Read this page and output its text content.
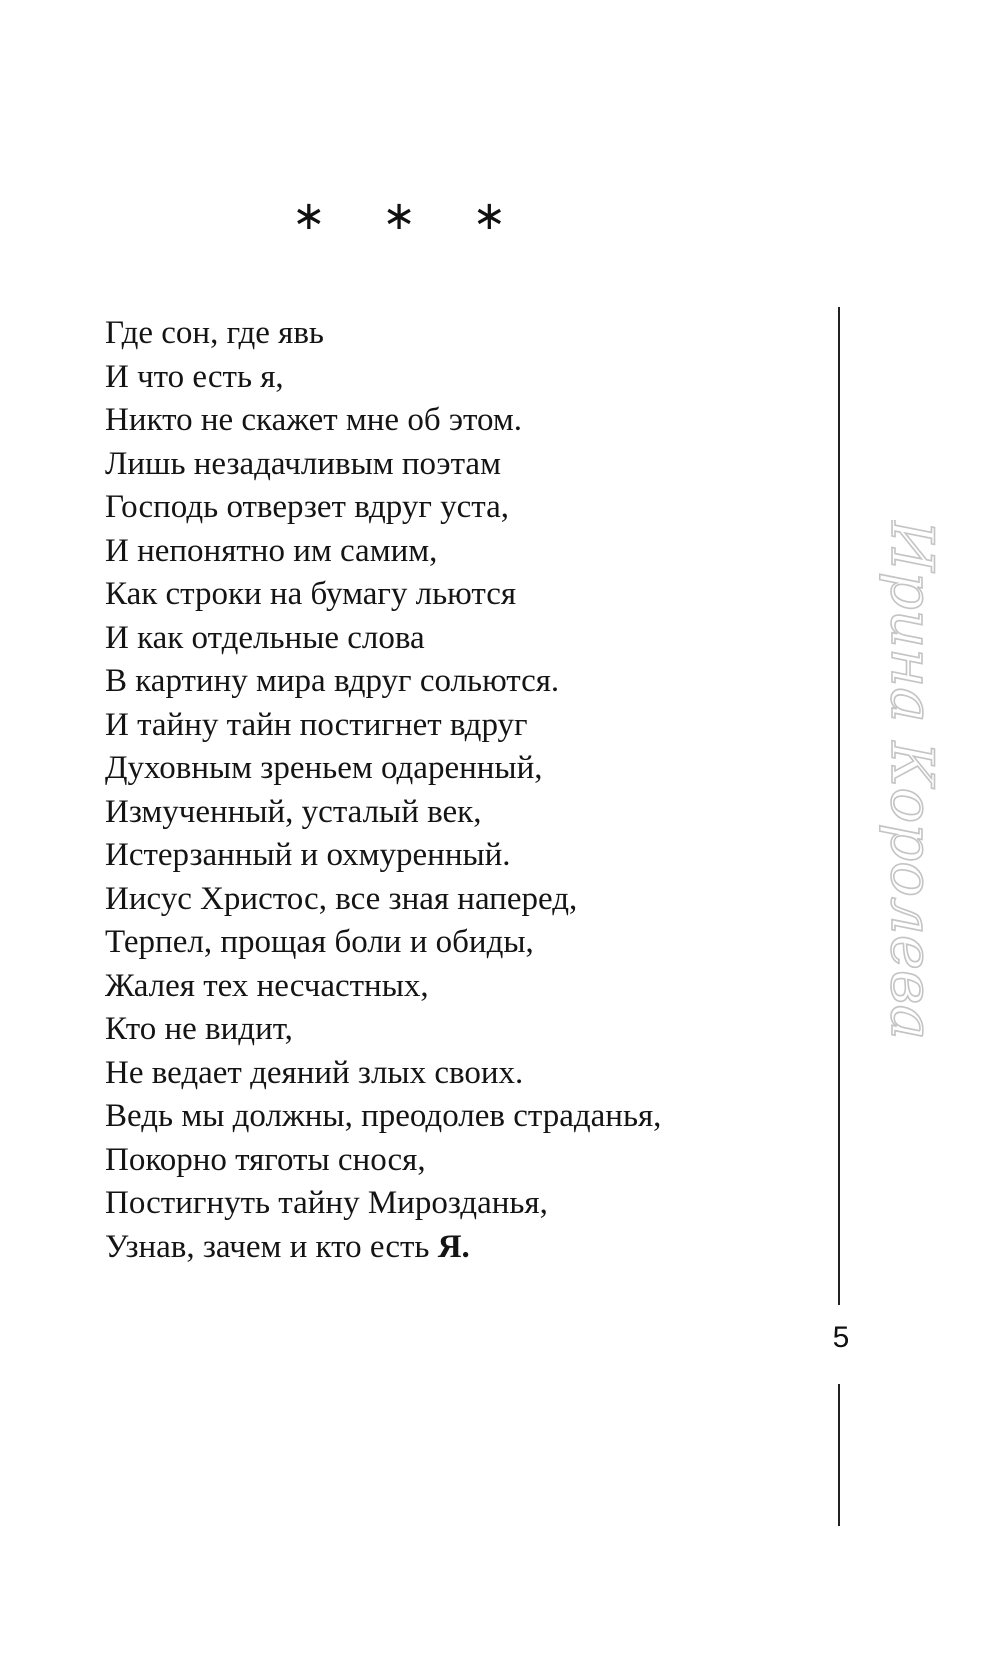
∗ ∗ ∗
Где сон, где явь
И что есть я,
Никто не скажет мне об этом.
Лишь незадачливым поэтам
Господь отверзет вдруг уста,
И непонятно им самим,
Как строки на бумагу льются
И как отдельные слова
В картину мира вдруг сольются.
И тайну тайн постигнет вдруг
Духовным зреньем одаренный,
Измученный, усталый век,
Истерзанный и охмуренный.
Иисус Христос, все зная наперед,
Терпел, прощая боли и обиды,
Жалея тех несчастных,
Кто не видит,
Не ведает деяний злых своих.
Ведь мы должны, преодолев страданья,
Покорно тяготы снося,
Постигнуть тайну Мирозданья,
Узнав, зачем и кто есть Я.
5
Ирина Королева
